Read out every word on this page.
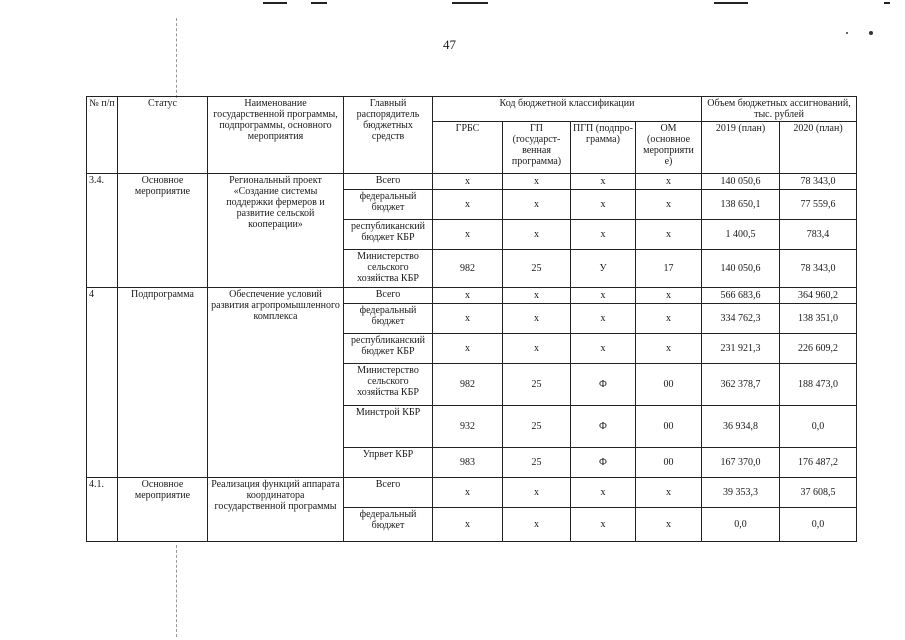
47
№ п/п	Статус	Наименование государственной программы, подпрограммы, основного мероприятия	Главный распорядитель бюджетных средств	Код бюджетной классификации				Объем бюджетных ассигнований, тыс. рублей	
				ГРБС	ГП (государст-венная программа)	ПГП (подпро-грамма)	ОМ (основное мероприяти е)	2019 (план)	2020 (план)
3.4.	Основное мероприятие	Региональный проект «Создание системы поддержки фермеров и развитие сельской кооперации»	Всего	х	х	х	х	140 050,6	78 343,0
			федеральный бюджет	х	х	х	х	138 650,1	77 559,6
			республиканский бюджет КБР	х	х	х	х	1 400,5	783,4
			Министерство сельского хозяйства КБР	982	25	У	17	140 050,6	78 343,0
4	Подпрограмма	Обеспечение условий развития агропромышленного комплекса	Всего	х	х	х	х	566 683,6	364 960,2
			федеральный бюджет	х	х	х	х	334 762,3	138 351,0
			республиканский бюджет КБР	х	х	х	х	231 921,3	226 609,2
			Министерство сельского хозяйства КБР	982	25	Ф	00	362 378,7	188 473,0
			Минстрой КБР	932	25	Ф	00	36 934,8	0,0
			Упрвет КБР	983	25	Ф	00	167 370,0	176 487,2
4.1.	Основное мероприятие	Реализация функций аппарата координатора государственной программы	Всего	х	х	х	х	39 353,3	37 608,5
			федеральный бюджет	х	х	х	х	0,0	0,0
